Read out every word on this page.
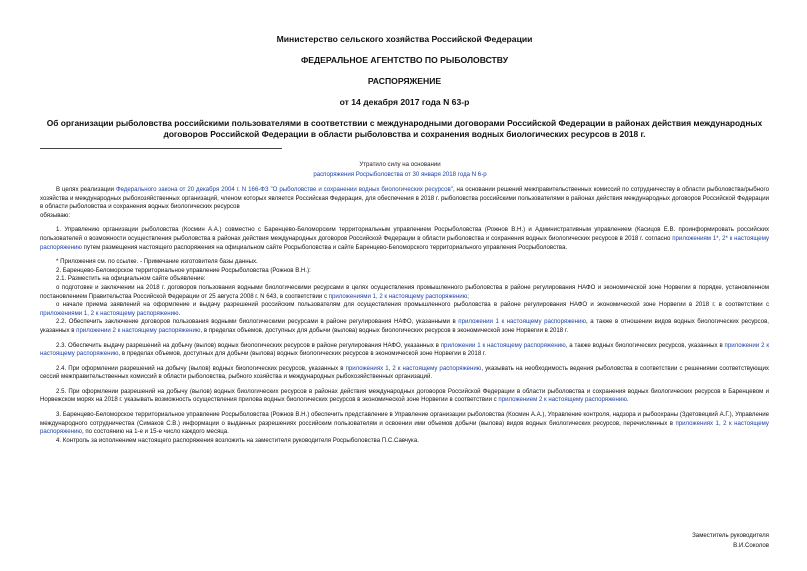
Министерство сельского хозяйства Российской Федерации
ФЕДЕРАЛЬНОЕ АГЕНТСТВО ПО РЫБОЛОВСТВУ
РАСПОРЯЖЕНИЕ
от 14 декабря 2017 года N 63-р
Об организации рыболовства российскими пользователями в соответствии с международными договорами Российской Федерации в районах действия международных договоров Российской Федерации в области рыболовства и сохранения водных биологических ресурсов в 2018 г.
Утратило силу на основании
распоряжения Росрыболовства от 30 января 2018 года N 6-р

В целях реализации Федерального закона от 20 декабря 2004 г. N 166-ФЗ "О рыболовстве и сохранении водных биологических ресурсов", на основании решений межправительственных комиссий по сотрудничеству в области рыболовства/рыбного хозяйства и международных рыбохозяйственных организаций, членом которых является Российская Федерация, для обеспечения в 2018 г. рыболовства российскими пользователями в районах действия международных договоров Российской Федерации в области рыболовства и сохранения водных биологических ресурсов

обязываю:

1. Управлению организации рыболовства (Космин А.А.) совместно с Баренцево-Беломорским территориальным управлением Росрыболовства (Рожнов В.Н.) и Административным управлением (Касицов Е.В. проинформировать российских пользователей о возможности осуществления рыболовства в районах действия международных договоров Российской Федерации в области рыболовства и сохранения водных биологических ресурсов в 2018 г. согласно приложениям 1*, 2* к настоящему распоряжению путем размещения настоящего распоряжения на официальном сайте Росрыболовства и сайте Баренцево-Беломорского территориального управления Росрыболовства.

* Приложения см. по ссылке. - Примечание изготовителя базы данных.

2. Баренцево-Беломорское территориальное управление Росрыболовства (Рожнов В.Н.):

2.1. Разместить на официальном сайте объявление:

о подготовке и заключении на 2018 г. договоров пользования водными биологическими ресурсами в целях осуществления промышленного рыболовства в районе регулирования НАФО и экономической зоне Норвегии в порядке, установленном постановлением Правительства Российской Федерации от 25 августа 2008 г. N 643, в соответствии с приложениями 1, 2 к настоящему распоряжению;

о начале приема заявлений на оформление и выдачу разрешений российским пользователям для осуществления промышленного рыболовства в районе регулирования НАФО и экономической зоне Норвегии в 2018 г. в соответствии с приложениями 1, 2 к настоящему распоряжению.

2.2. Обеспечить заключение договоров пользования водными биологическими ресурсами в районе регулирования НАФО, указанными в приложении 1 к настоящему распоряжению, а также в отношении видов водных биологических ресурсов, указанных в приложении 2 к настоящему распоряжению, в пределах объемов, доступных для добычи (вылова) водных биологических ресурсов в экономической зоне Норвегии в 2018 г.

2.3. Обеспечить выдачу разрешений на добычу (вылов) водных биологических ресурсов в районе регулирования НАФО, указанных в приложении 1 к настоящему распоряжению, а также водных биологических ресурсов, указанных в приложении 2 к настоящему распоряжению, в пределах объемов, доступных для добычи (вылова) водных биологических ресурсов в экономической зоне Норвегии в 2018 г.

2.4. При оформлении разрешений на добычу (вылов) водных биологических ресурсов, указанных в приложениях 1, 2 к настоящему распоряжению, указывать на необходимость ведения рыболовства в соответствии с решениями соответствующих сессий межправительственных комиссий в области рыболовства, рыбного хозяйства и международных рыбохозяйственных организаций.

2.5. При оформлении разрешений на добычу (вылов) водных биологических ресурсов в районах действия международных договоров Российской Федерации в области рыболовства и сохранения водных биологических ресурсов в Баренцевом и Норвежском морях на 2018 г. указывать возможность осуществления прилова водных биологических ресурсов в экономической зоне Норвегии в соответствии с приложением 2 к настоящему распоряжению.

3. Баренцево-Беломорское территориальное управление Росрыболовства (Рожнов В.Н.) обеспечить представление в Управление организации рыболовства (Космин А.А.), Управление контроля, надзора и рыбоохраны (Здетовецкий А.Г.), Управление международного сотрудничества (Симаков С.В.) информации о выданных разрешениях российским пользователям и освоении ими объемов добычи (вылова) видов водных биологических ресурсов, перечисленных в приложениях 1, 2 к настоящему распоряжению, по состоянию на 1-е и 15-е число каждого месяца.

4. Контроль за исполнением настоящего распоряжения возложить на заместителя руководителя Росрыболовства П.С.Савчука.

Заместитель руководителя
В.И.Соколов
